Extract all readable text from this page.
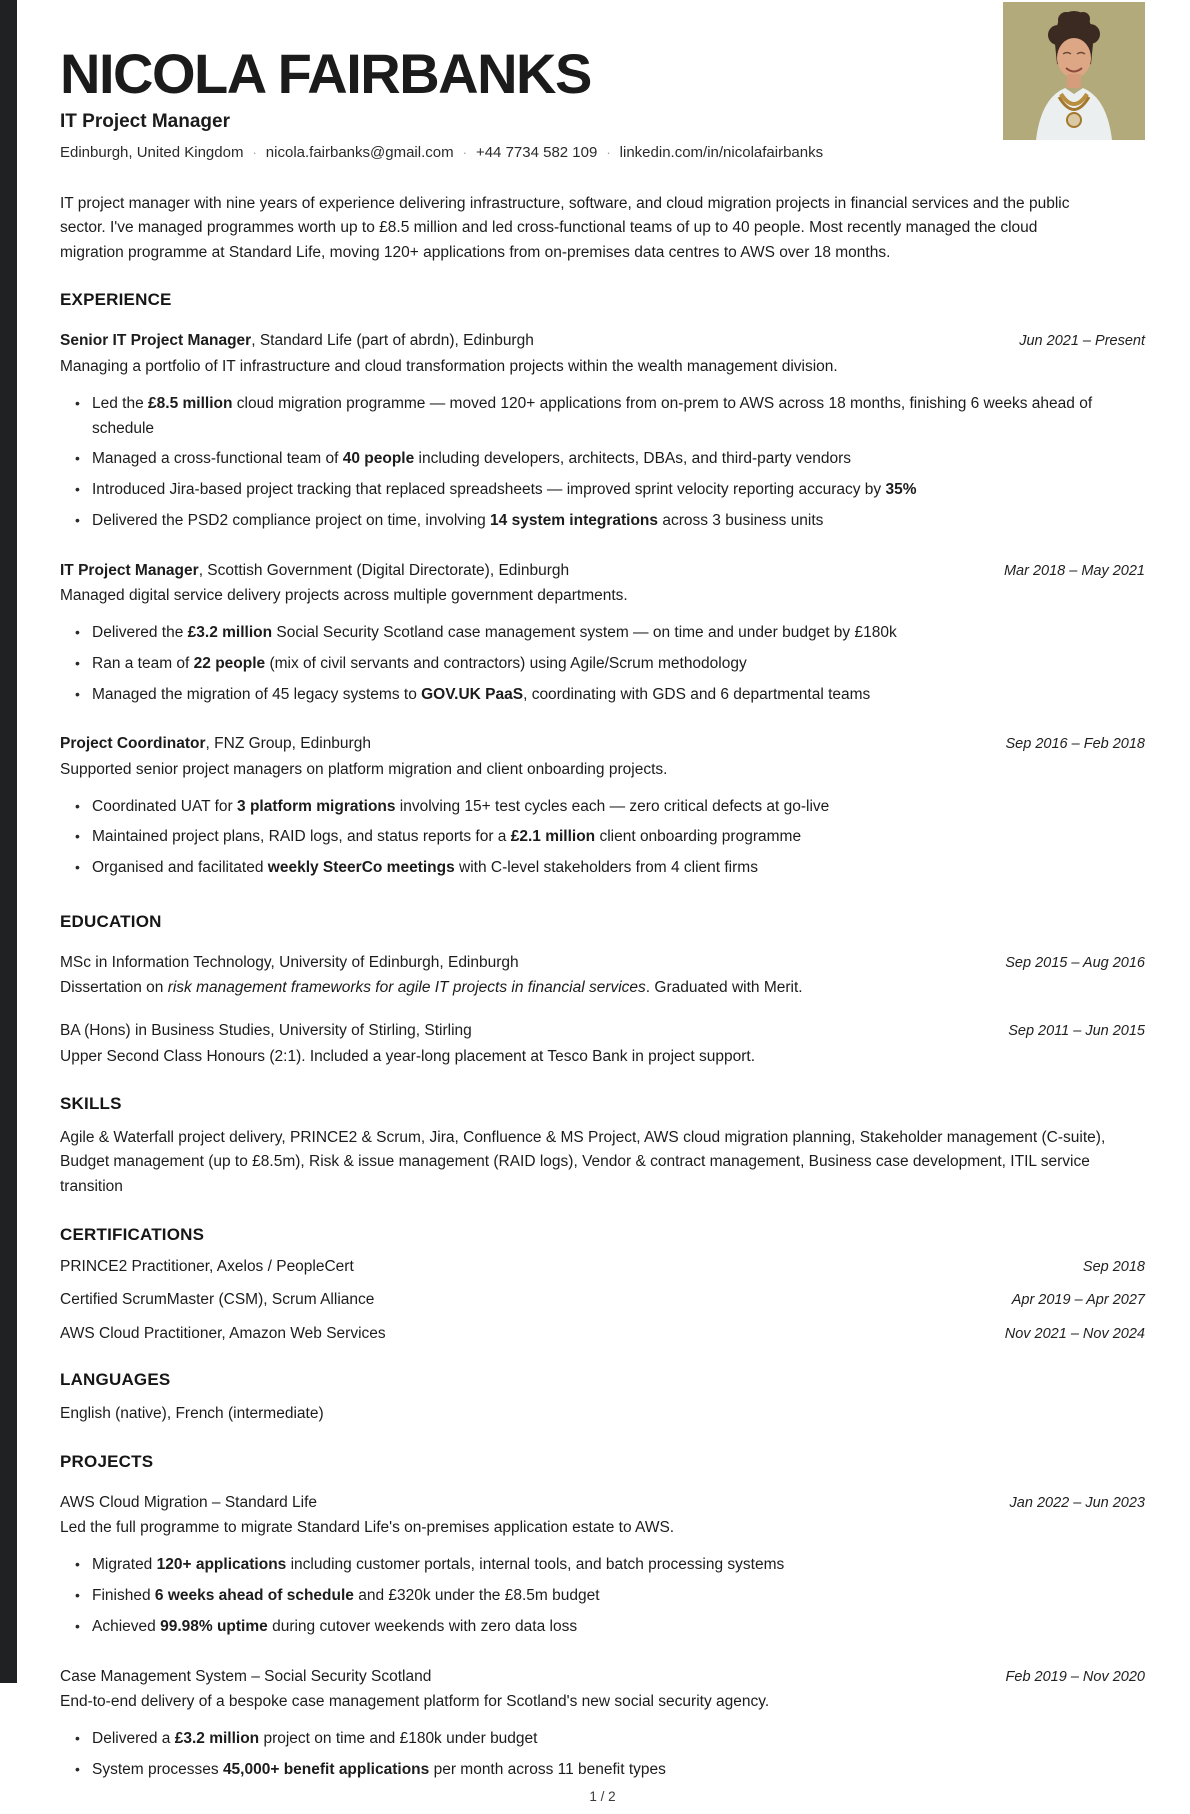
NICOLA FAIRBANKS
IT Project Manager
Edinburgh, United Kingdom · nicola.fairbanks@gmail.com · +44 7734 582 109 · linkedin.com/in/nicolafairbanks
IT project manager with nine years of experience delivering infrastructure, software, and cloud migration projects in financial services and the public sector. I've managed programmes worth up to £8.5 million and led cross-functional teams of up to 40 people. Most recently managed the cloud migration programme at Standard Life, moving 120+ applications from on-premises data centres to AWS over 18 months.
EXPERIENCE
Senior IT Project Manager, Standard Life (part of abrdn), Edinburgh	Jun 2021 – Present
Managing a portfolio of IT infrastructure and cloud transformation projects within the wealth management division.
• Led the £8.5 million cloud migration programme — moved 120+ applications from on-prem to AWS across 18 months, finishing 6 weeks ahead of schedule
• Managed a cross-functional team of 40 people including developers, architects, DBAs, and third-party vendors
• Introduced Jira-based project tracking that replaced spreadsheets — improved sprint velocity reporting accuracy by 35%
• Delivered the PSD2 compliance project on time, involving 14 system integrations across 3 business units
IT Project Manager, Scottish Government (Digital Directorate), Edinburgh	Mar 2018 – May 2021
Managed digital service delivery projects across multiple government departments.
• Delivered the £3.2 million Social Security Scotland case management system — on time and under budget by £180k
• Ran a team of 22 people (mix of civil servants and contractors) using Agile/Scrum methodology
• Managed the migration of 45 legacy systems to GOV.UK PaaS, coordinating with GDS and 6 departmental teams
Project Coordinator, FNZ Group, Edinburgh	Sep 2016 – Feb 2018
Supported senior project managers on platform migration and client onboarding projects.
• Coordinated UAT for 3 platform migrations involving 15+ test cycles each — zero critical defects at go-live
• Maintained project plans, RAID logs, and status reports for a £2.1 million client onboarding programme
• Organised and facilitated weekly SteerCo meetings with C-level stakeholders from 4 client firms
EDUCATION
MSc in Information Technology, University of Edinburgh, Edinburgh	Sep 2015 – Aug 2016
Dissertation on risk management frameworks for agile IT projects in financial services. Graduated with Merit.
BA (Hons) in Business Studies, University of Stirling, Stirling	Sep 2011 – Jun 2015
Upper Second Class Honours (2:1). Included a year-long placement at Tesco Bank in project support.
SKILLS
Agile & Waterfall project delivery, PRINCE2 & Scrum, Jira, Confluence & MS Project, AWS cloud migration planning, Stakeholder management (C-suite), Budget management (up to £8.5m), Risk & issue management (RAID logs), Vendor & contract management, Business case development, ITIL service transition
CERTIFICATIONS
PRINCE2 Practitioner, Axelos / PeopleCert	Sep 2018
Certified ScrumMaster (CSM), Scrum Alliance	Apr 2019 – Apr 2027
AWS Cloud Practitioner, Amazon Web Services	Nov 2021 – Nov 2024
LANGUAGES
English (native), French (intermediate)
PROJECTS
AWS Cloud Migration – Standard Life	Jan 2022 – Jun 2023
Led the full programme to migrate Standard Life's on-premises application estate to AWS.
• Migrated 120+ applications including customer portals, internal tools, and batch processing systems
• Finished 6 weeks ahead of schedule and £320k under the £8.5m budget
• Achieved 99.98% uptime during cutover weekends with zero data loss
Case Management System – Social Security Scotland	Feb 2019 – Nov 2020
End-to-end delivery of a bespoke case management platform for Scotland's new social security agency.
• Delivered a £3.2 million project on time and £180k under budget
• System processes 45,000+ benefit applications per month across 11 benefit types
1 / 2
